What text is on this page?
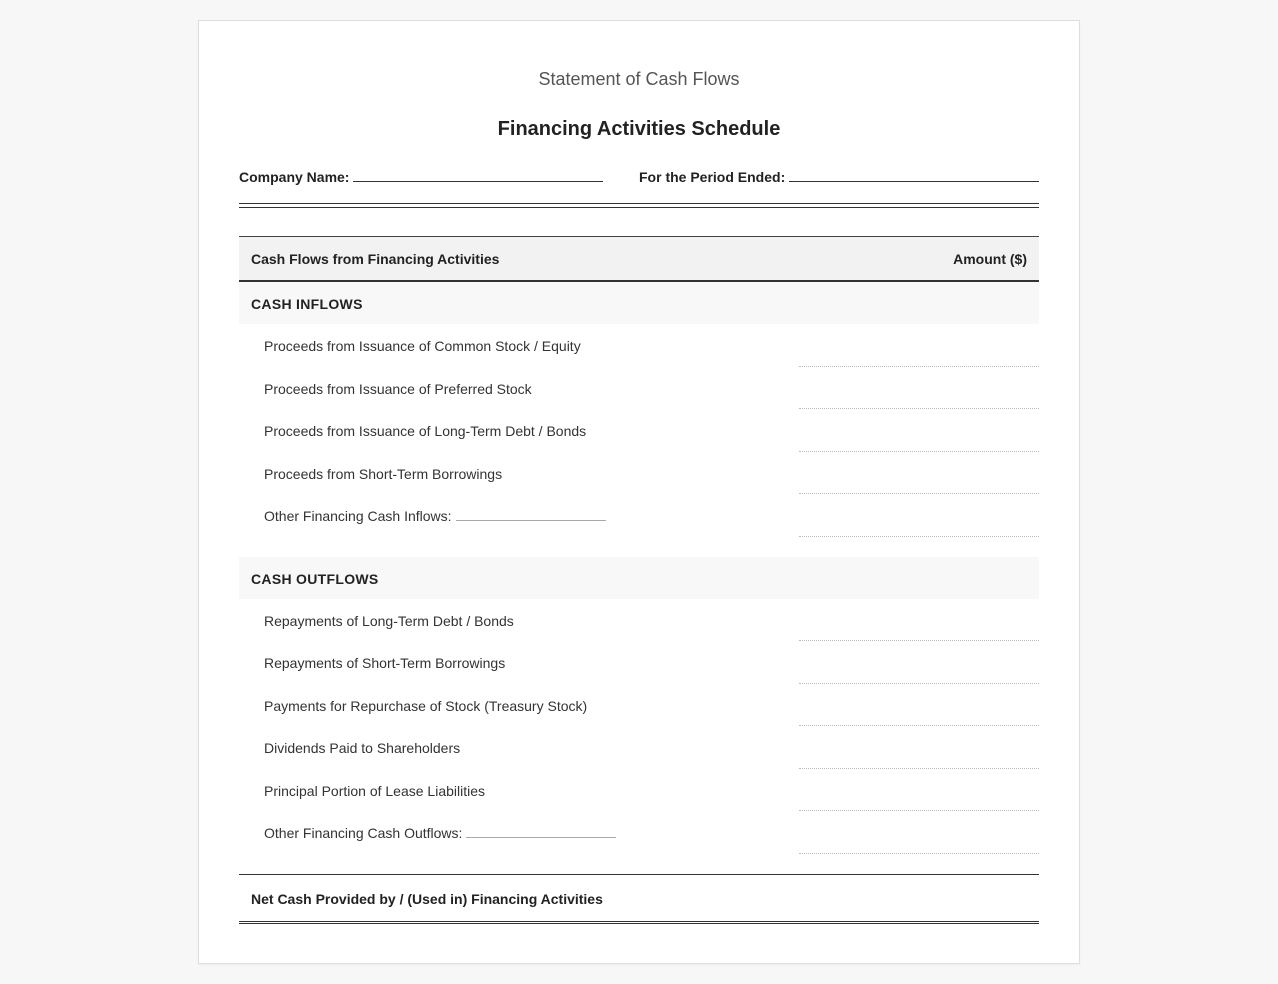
Statement of Cash Flows
Financing Activities Schedule
Company Name:	For the Period Ended:
Cash Flows from Financing Activities	Amount ($)
CASH INFLOWS
Proceeds from Issuance of Common Stock / Equity
Proceeds from Issuance of Preferred Stock
Proceeds from Issuance of Long-Term Debt / Bonds
Proceeds from Short-Term Borrowings
Other Financing Cash Inflows:
CASH OUTFLOWS
Repayments of Long-Term Debt / Bonds
Repayments of Short-Term Borrowings
Payments for Repurchase of Stock (Treasury Stock)
Dividends Paid to Shareholders
Principal Portion of Lease Liabilities
Other Financing Cash Outflows:
Net Cash Provided by / (Used in) Financing Activities
